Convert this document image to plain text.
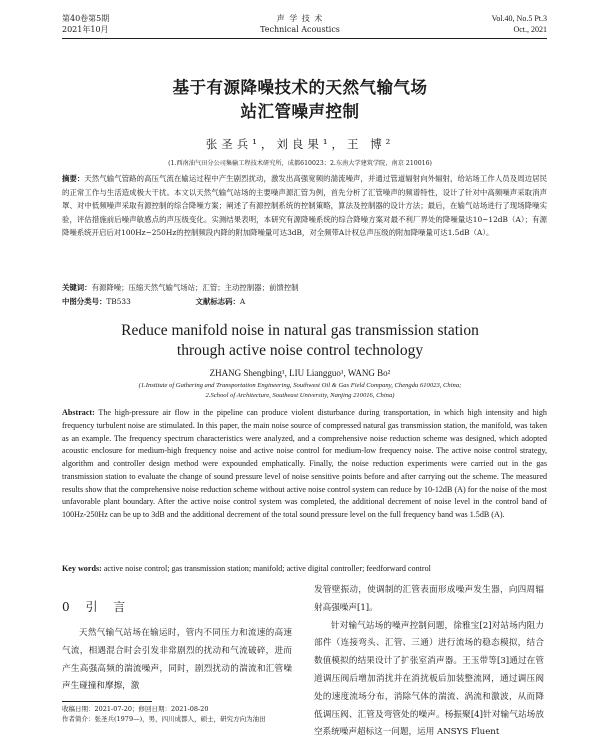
第40卷第5期
2021年10月
声 学 技 术
Technical Acoustics
Vol.40, No.5 Pt.3
Oct., 2021
基于有源降噪技术的天然气输气场
站汇管噪声控制
张圣兵¹，刘良果¹，王 博²
(1.西南油气田分公司集输工程技术研究所，成都610023；2.东南大学建筑学院，南京 210016)
摘要：天然气输气管路的高压气流在输运过程中产生剧烈扰动，激发出高强宽频的湍流噪声，并通过管道辐射向外辐射，给站场工作人员及周边居民的正常工作与生活造成极大干扰。本文以天然气输气站场的主要噪声源汇管为例，首先分析了汇管噪声的频谱特性，设计了针对中高频噪声采取消声罩、对中低频噪声采取有源控制的综合降噪方案；阐述了有源控制系统的控制策略，算法及控制器的设计方法；最后，在输气站场进行了现场降噪实验，评估措施前后噪声敏感点的声压级变化。实测结果表明，本研究有源降噪系统的综合降噪方案对最不利厂界处的降噪量达10~12dB（A）；有源降噪系统开启后对100Hz~250Hz的控制频段内降的附加降噪量可达3dB，对全频带A计权总声压级的附加降噪量可达1.5dB（A）。
关键词：有源降噪；压缩天然气输气场站；汇管；主动控制器；前馈控制
中图分类号：TB533	文献标志码：A
Reduce manifold noise in natural gas transmission station
through active noise control technology
ZHANG Shengbing¹, LIU Liangguo¹, WANG Bo²
(1.Institute of Gathering and Transportation Engineering, Southwest Oil & Gas Field Company, Chengdu 610023, China;
2.School of Architecture, Southeast University, Nanjing 210016, China)
Abstract: The high-pressure air flow in the pipeline can produce violent disturbance during transportation, in which high intensity and high frequency turbulent noise are stimulated. In this paper, the main noise source of compressed natural gas transmission station, the manifold, was taken as an example. The frequency spectrum characteristics were analyzed, and a comprehensive noise reduction scheme was designed, which adopted acoustic enclosure for medium-high frequency noise and active noise control for medium-low frequency noise. The active noise control strategy, algorithm and controller design method were expounded emphatically. Finally, the noise reduction experiments were carried out in the gas transmission station to evaluate the change of sound pressure level of noise sensitive points before and after carrying out the scheme. The measured results show that the comprehensive noise reduction scheme without active noise control system can reduce by 10-12dB (A) for the noise of the most unfavorable plant boundary. After the active noise control system was completed, the additional decrement of noise level in the control band of 100Hz-250Hz can be up to 3dB and the additional decrement of the total sound pressure level on the full frequency band was 1.5dB (A).
Key words: active noise control; gas transmission station; manifold; active digital controller; feedforward control
0 引 言

天然气输气站场在输运时，管内不同压力和流速的高速气流，相遇混合时会引发非常剧烈的扰动和气流破碎，进而产生高强高频的湍流噪声，同时，剧烈扰动的湍流和汇管噪声生碰撞和摩擦，激

收稿日期：2021-07-20；修回日期：2021-08-20
作者简介：张圣兵(1979—)，男，四川成都人，硕士，研究方向为油田

发管壁振动，使调制的汇管表面形成噪声发生器，向四周辐射高强噪声[1]。

针对输气站场的噪声控制问题，徐雅宝[2]对站场内阻力部件（连接弯头、汇管、三通）进行流场的稳态模拟，结合数值模拟的结果设计了扩张室消声器。王玉带等[3]通过在管道调压阀后增加消扰并在消扰板后加装整流网，通过调压阀处的速度流场分布，消除气体的湍流、涡流和激波，从而降低调压阀、汇管及弯管处的噪声。杨振聚[4]针对输气站场放空系统噪声超标这一问题，运用 ANSYS Fluent
